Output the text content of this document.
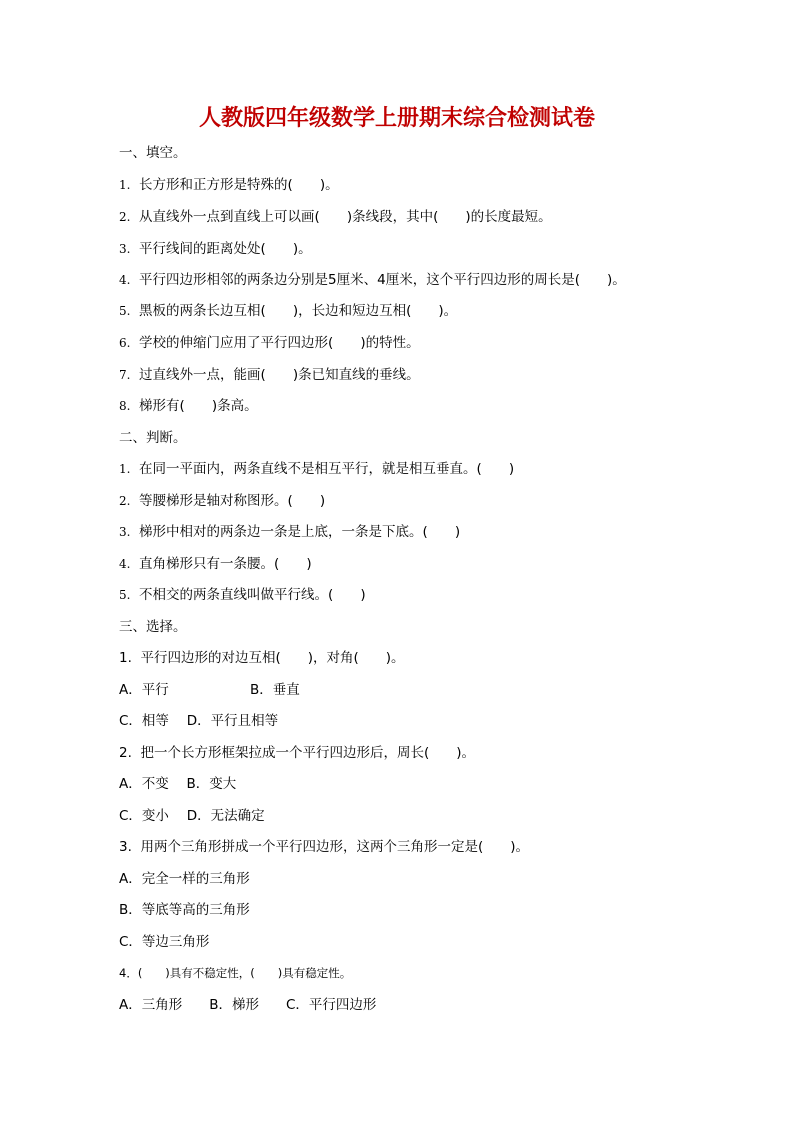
人教版四年级数学上册期末综合检测试卷
一、填空。
1. 长方形和正方形是特殊的(　　)。
2. 从直线外一点到直线上可以画(　　)条线段，其中(　　)的长度最短。
3. 平行线间的距离处处(　　)。
4. 平行四边形相邻的两条边分别是5厘米、4厘米，这个平行四边形的周长是(　　)。
5. 黑板的两条长边互相(　　)，长边和短边互相(　　)。
6. 学校的伸缩门应用了平行四边形(　　)的特性。
7. 过直线外一点，能画(　　)条已知直线的垂线。
8. 梯形有(　　)条高。
二、判断。
1. 在同一平面内，两条直线不是相互平行，就是相互垂直。(　　)
2. 等腰梯形是轴对称图形。(　　)
3. 梯形中相对的两条边一条是上底，一条是下底。(　　)
4. 直角梯形只有一条腰。(　　)
5. 不相交的两条直线叫做平行线。(　　)
三、选择。
1.  平行四边形的对边互相(　　)，对角(　　)。
A．平行	B．垂直
C．相等　 D．平行且相等
2.  把一个长方形框架拉成一个平行四边形后，周长(　　)。
A．不变　 B．变大
C．变小　 D．无法确定
3.  用两个三角形拼成一个平行四边形，这两个三角形一定是(　　)。
A．完全一样的三角形
B．等底等高的三角形
C．等边三角形
4．(　　)具有不稳定性，(　　)具有稳定性。
A．三角形　　B．梯形　　C．平行四边形
